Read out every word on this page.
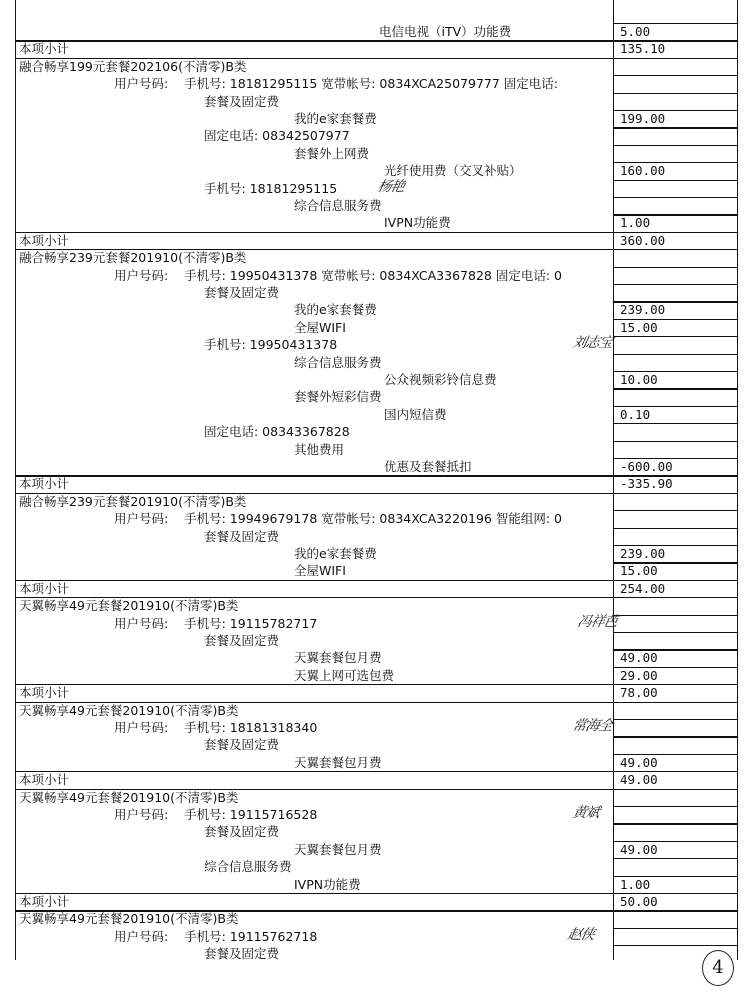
电信电视（iTV）功能费	5.00
本项小计	135.10
融合畅享199元套餐202106(不清零)B类
用户号码:    手机号: 18181295115 宽带帐号: 0834XCA25079777 固定电话:
套餐及固定费
我的e家套餐费	199.00
固定电话: 08342507977
套餐外上网费
光纤使用费（交叉补贴）	160.00
手机号: 18181295115
综合信息服务费
IVPN功能费	1.00
本项小计	360.00
融合畅享239元套餐201910(不清零)B类
用户号码:    手机号: 19950431378 宽带帐号: 0834XCA3367828 固定电话: 0
套餐及固定费
我的e家套餐费	239.00
全屋WIFI	15.00
手机号: 19950431378
综合信息服务费
公众视频彩铃信息费	10.00
套餐外短彩信费
国内短信费	0.10
固定电话: 08343367828
其他费用
优惠及套餐抵扣	-600.00
本项小计	-335.90
融合畅享239元套餐201910(不清零)B类
用户号码:    手机号: 19949679178 宽带帐号: 0834XCA3220196 智能组网: 0
套餐及固定费
我的e家套餐费	239.00
全屋WIFI	15.00
本项小计	254.00
天翼畅享49元套餐201910(不清零)B类
用户号码:    手机号: 19115782717
套餐及固定费
天翼套餐包月费	49.00
天翼上网可选包费	29.00
本项小计	78.00
天翼畅享49元套餐201910(不清零)B类
用户号码:    手机号: 18181318340
套餐及固定费
天翼套餐包月费	49.00
本项小计	49.00
天翼畅享49元套餐201910(不清零)B类
用户号码:    手机号: 19115716528
套餐及固定费
天翼套餐包月费	49.00
综合信息服务费
IVPN功能费	1.00
本项小计	50.00
天翼畅享49元套餐201910(不清零)B类
用户号码:    手机号: 19115762718
套餐及固定费
杨艳
刘志宝
冯祥芭
常海全
黄斌
赵侠
4
